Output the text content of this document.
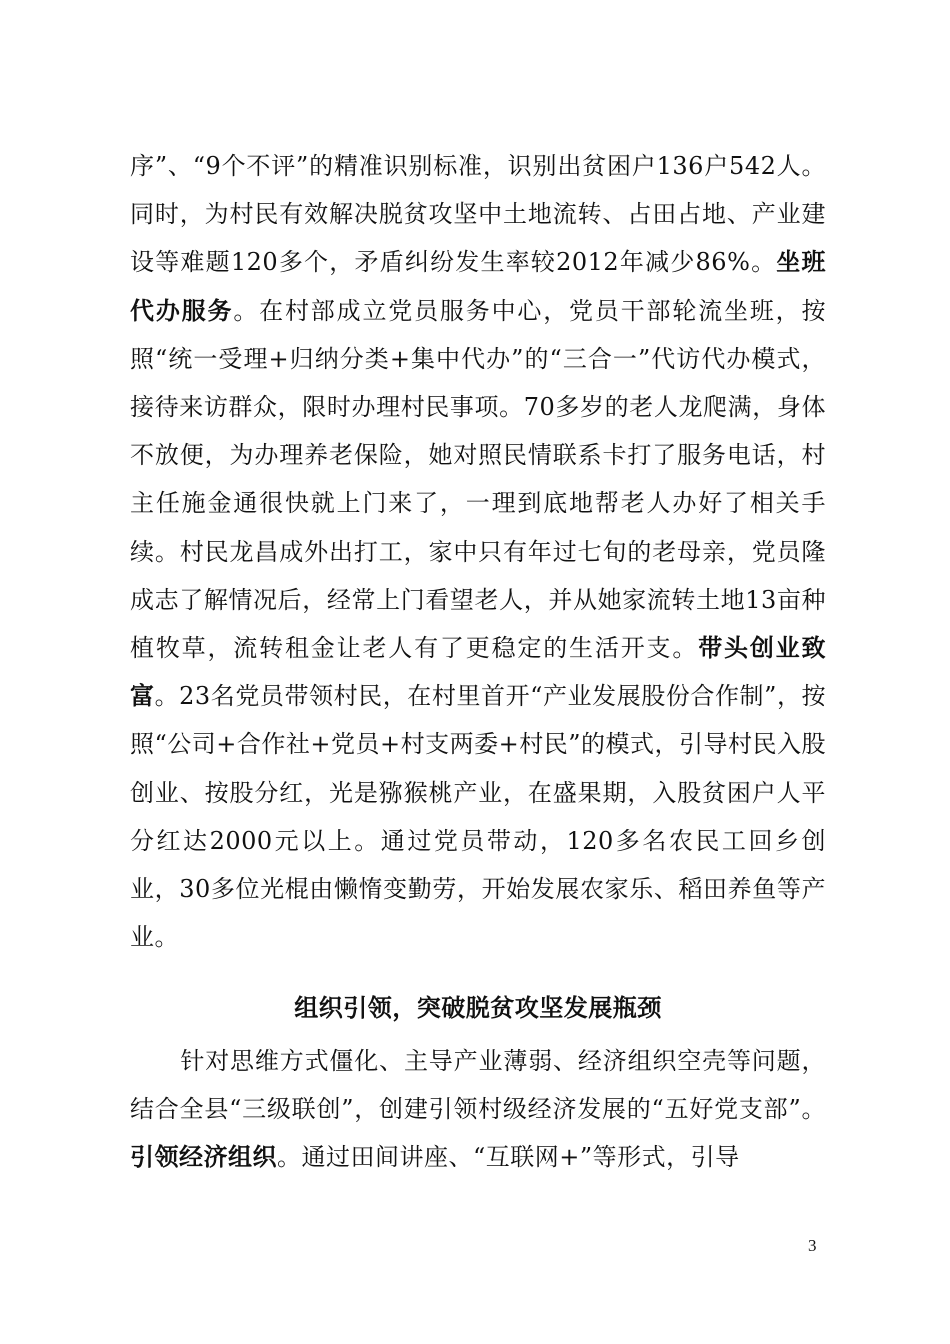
序”、“9个不评”的精准识别标准，识别出贫困户136户542人。同时，为村民有效解决脱贫攻坚中土地流转、占田占地、产业建设等难题120多个，矛盾纠纷发生率较2012年减少86%。坐班代办服务。在村部成立党员服务中心，党员干部轮流坐班，按照“统一受理+归纳分类+集中代办”的“三合一”代访代办模式，接待来访群众，限时办理村民事项。70多岁的老人龙爬满，身体不放便，为办理养老保险，她对照民情联系卡打了服务电话，村主任施金通很快就上门来了，一理到底地帮老人办好了相关手续。村民龙昌成外出打工，家中只有年过七旬的老母亲，党员隆成志了解情况后，经常上门看望老人，并从她家流转土地13亩种植牧草，流转租金让老人有了更稳定的生活开支。带头创业致富。23名党员带领村民，在村里首开“产业发展股份合作制”，按照“公司+合作社+党员+村支两委+村民”的模式，引导村民入股创业、按股分红，光是猕猴桃产业，在盛果期，入股贫困户人平分红达2000元以上。通过党员带动，120多名农民工回乡创业，30多位光棍由懒惰变勤劳，开始发展农家乐、稻田养鱼等产业。
组织引领，突破脱贫攻坚发展瓶颈
针对思维方式僵化、主导产业薄弱、经济组织空壳等问题，结合全县“三级联创”，创建引领村级经济发展的“五好党支部”。引领经济组织。通过田间讲座、“互联网+”等形式，引导
3
